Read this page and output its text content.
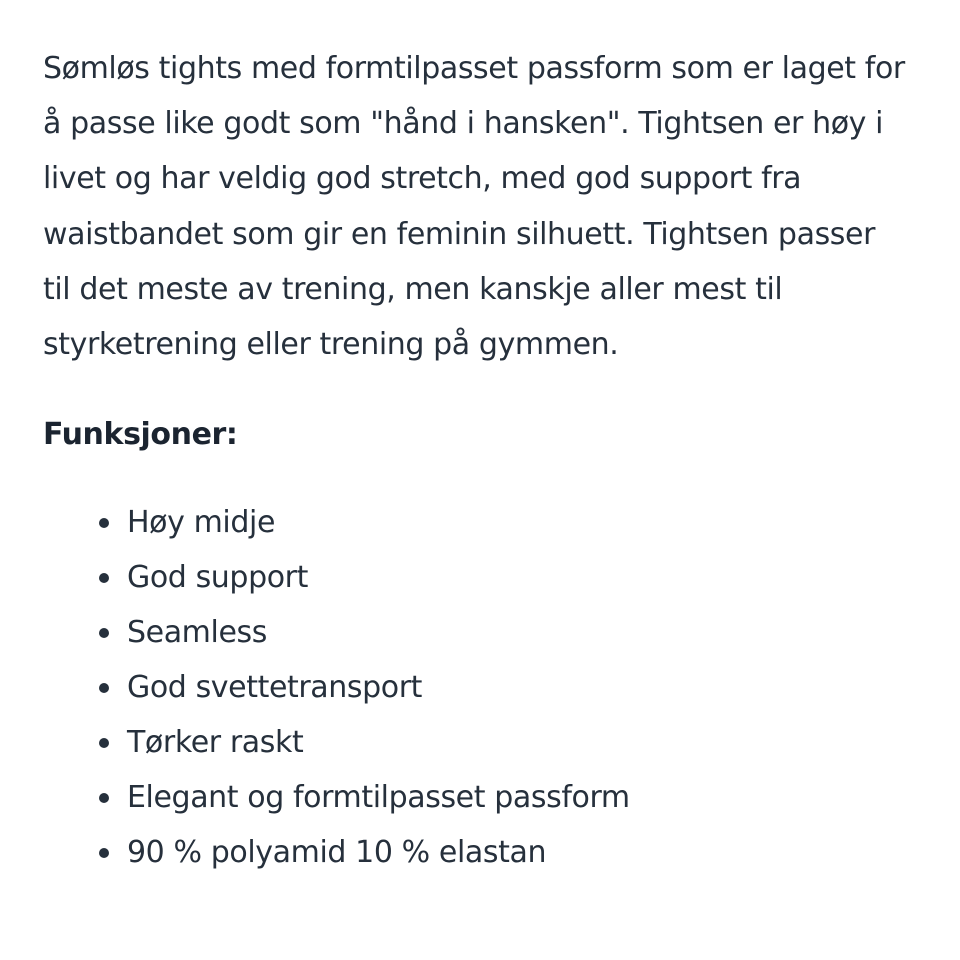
Sømløs tights med formtilpasset passform som er laget for å passe like godt som "hånd i hansken". Tightsen er høy i livet og har veldig god stretch, med god support fra waistbandet som gir en feminin silhuett. Tightsen passer til det meste av trening, men kanskje aller mest til styrketrening eller trening på gymmen.

Funksjoner:
Høy midje
God support
Seamless
God svettetransport
Tørker raskt
Elegant og formtilpasset passform
90 % polyamid 10 % elastan
